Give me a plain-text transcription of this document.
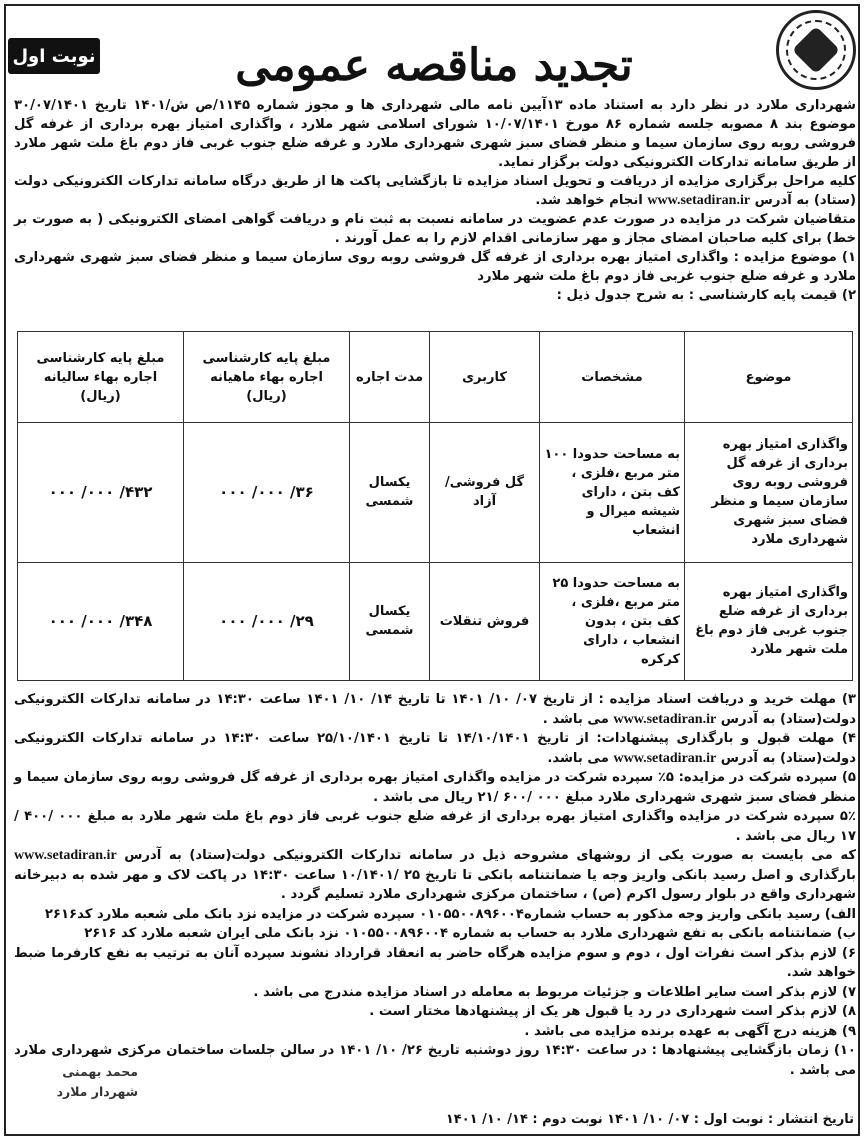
نوبت اول	تجدید مناقصه عمومی

شهرداری ملارد در نظر دارد به استناد ماده ۱۳آیین نامه مالی شهرداری ها و مجوز شماره ۱۱۴۵/ص ش/۱۴۰۱ تاریخ ۳۰/۰۷/۱۴۰۱ موضوع بند ۸ مصوبه جلسه شماره ۸۶ مورخ ۱۰/۰۷/۱۴۰۱ شورای اسلامی شهر ملارد ، واگذاری امتیاز بهره برداری از غرفه گل فروشی روبه روی سازمان سیما و منظر فضای سبز شهری شهرداری ملارد و غرفه ضلع جنوب غربی فاز دوم باغ ملت شهر ملارد از طریق سامانه تدارکات الکترونیکی دولت برگزار نماید.

کلیه مراحل برگزاری مزایده از دریافت و تحویل اسناد مزایده تا بازگشایی پاکت ها از طریق درگاه سامانه تدارکات الکترونیکی دولت (ستاد) به آدرس www.setadiran.ir انجام خواهد شد.

متقاضیان شرکت در مزایده در صورت عدم عضویت در سامانه نسبت به ثبت نام و دریافت گواهی امضای الکترونیکی ( به صورت بر خط) برای کلیه صاحبان امضای مجاز و مهر سازمانی اقدام لازم را به عمل آورند .

۱) موضوع مزایده : واگذاری امتیاز بهره برداری از غرفه گل فروشی روبه روی سازمان سیما و منظر فضای سبز شهری شهرداری ملارد و غرفه ضلع جنوب غربی فاز دوم باغ ملت شهر ملارد

۲) قیمت پایه کارشناسی : به شرح جدول ذیل :

موضوع	مشخصات	کاربری	مدت اجاره	مبلغ پایه کارشناسی اجاره بهاء ماهیانه (ریال)	مبلغ پایه کارشناسی اجاره بهاء سالیانه (ریال)
واگذاری امتیاز بهره برداری از غرفه گل فروشی روبه روی سازمان سیما و منظر فضای سبز شهری شهرداری ملارد	به مساحت حدودا ۱۰۰ متر مربع ،فلزی ، کف بتن ، دارای شیشه میرال و انشعاب	گل فروشی/ آزاد	یکسال شمسی	۳۶/ ۰۰۰/ ۰۰۰	۴۳۲/ ۰۰۰/ ۰۰۰
واگذاری امتیاز بهره برداری از غرفه ضلع جنوب غربی فاز دوم باغ ملت شهر ملارد	به مساحت حدودا ۲۵ متر مربع ،فلزی ، کف بتن ، بدون انشعاب ، دارای کرکره	فروش تنقلات	یکسال شمسی	۲۹/ ۰۰۰/ ۰۰۰	۳۴۸/ ۰۰۰/ ۰۰۰

۳) مهلت خرید و دریافت اسناد مزایده : از تاریخ ۰۷/ ۱۰/ ۱۴۰۱ تا تاریخ ۱۴/ ۱۰/ ۱۴۰۱ ساعت ۱۴:۳۰ در سامانه تدارکات الکترونیکی دولت(ستاد) به آدرس www.setadiran.ir می باشد .

۴) مهلت قبول و بارگذاری پیشنهادات: از تاریخ ۱۴/۱۰/۱۴۰۱ تا تاریخ ۲۵/۱۰/۱۴۰۱ ساعت ۱۴:۳۰ در سامانه تدارکات الکترونیکی دولت(ستاد) به آدرس www.setadiran.ir می باشد.

۵) سپرده شرکت در مزایده: ۵٪ سپرده شرکت در مزایده واگذاری امتیاز بهره برداری از غرفه گل فروشی روبه روی سازمان سیما و منظر فضای سبز شهری شهرداری ملارد مبلغ ۰۰۰ /۶۰۰ /۲۱ ریال می باشد .

۵٪ سپرده شرکت در مزایده واگذاری امتیاز بهره برداری از غرفه ضلع جنوب غربی فاز دوم باغ ملت شهر ملارد به مبلغ ۰۰۰ /۴۰۰ /۱۷ ریال می باشد .

که می بایست به صورت یکی از روشهای مشروحه ذیل در سامانه تدارکات الکترونیکی دولت(ستاد) به آدرس www.setadiran.ir بارگذاری و اصل رسید بانکی واریز وجه یا ضمانتنامه بانکی تا تاریخ ۲۵ /۱۰/۱۴۰۱ ساعت ۱۴:۳۰ در پاکت لاک و مهر شده به دبیرخانه شهرداری واقع در بلوار رسول اکرم (ص) ، ساختمان مرکزی شهرداری ملارد تسلیم گردد .

الف) رسید بانکی واریز وجه مذکور به حساب شماره۰۱۰۵۵۰۰۸۹۶۰۰۴ سپرده شرکت در مزایده نزد بانک ملی شعبه ملارد کد۲۶۱۶

ب) ضمانتنامه بانکی به نفع شهرداری ملارد به حساب به شماره ۰۱۰۵۵۰۰۸۹۶۰۰۴ نزد بانک ملی ایران شعبه ملارد کد ۲۶۱۶

۶) لازم بذکر است نفرات اول ، دوم و سوم مزایده هرگاه حاضر به انعقاد قرارداد نشوند سپرده آنان به ترتیب به نفع کارفرما ضبط خواهد شد.

۷) لازم بذکر است سایر اطلاعات و جزئیات مربوط به معامله در اسناد مزایده مندرج می باشد .

۸) لازم بذکر است شهرداری در رد یا قبول هر یک از پیشنهادها مختار است .

۹) هزینه درج آگهی به عهده برنده مزایده می باشد .

۱۰) زمان بازگشایی پیشنهادها : در ساعت ۱۴:۳۰ روز دوشنبه تاریخ ۲۶/ ۱۰/ ۱۴۰۱ در سالن جلسات ساختمان مرکزی شهرداری ملارد می باشد .

محمد بهمنی
شهردار ملارد
تاریخ انتشار : نوبت اول : ۰۷/ ۱۰/ ۱۴۰۱ نوبت دوم : ۱۴/ ۱۰/ ۱۴۰۱
